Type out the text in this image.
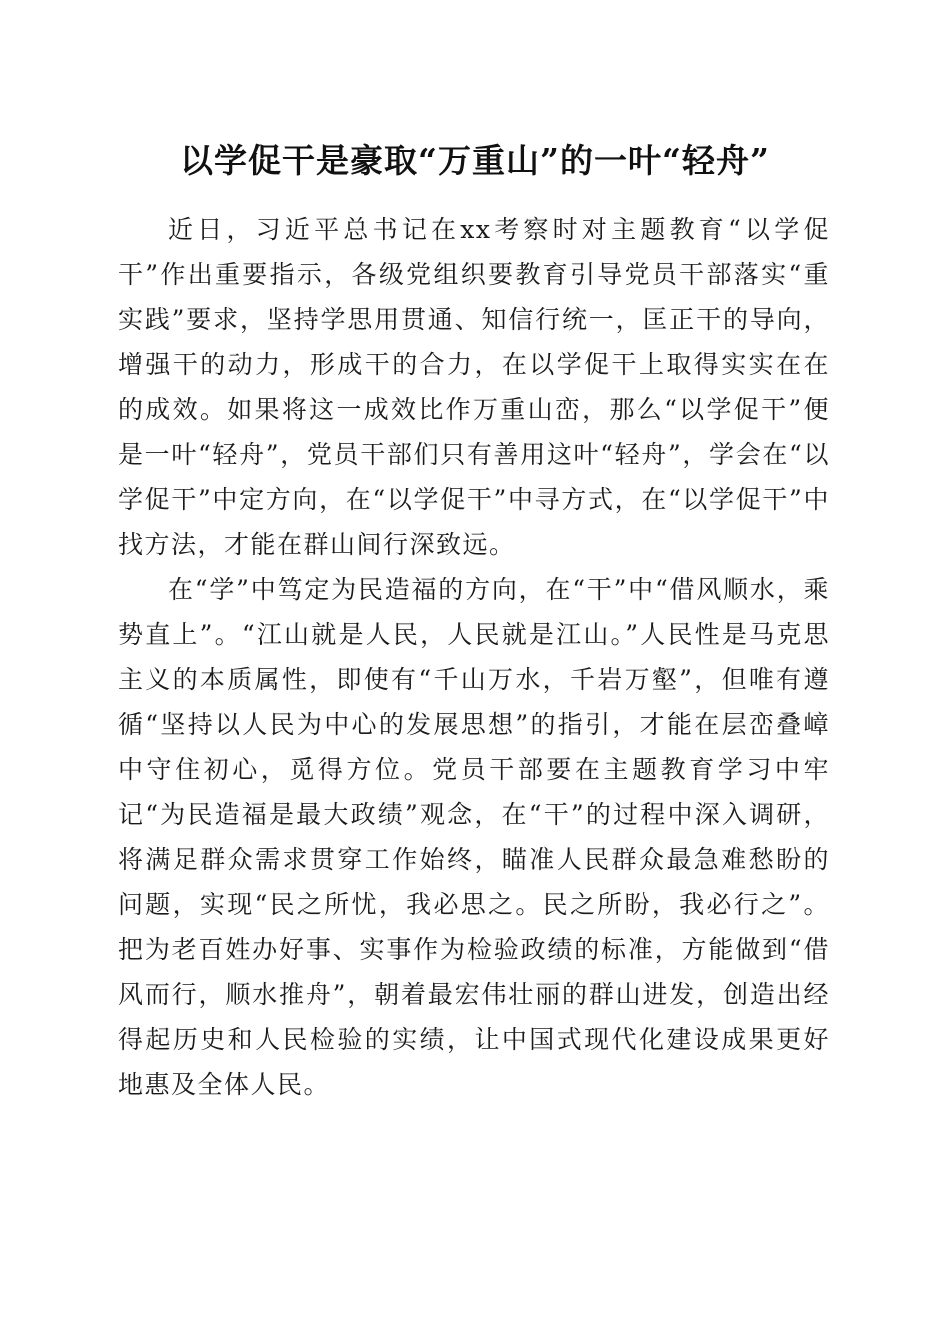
以学促干是豪取“万重山”的一叶“轻舟”

近日，习近平总书记在xx考察时对主题教育“以学促干”作出重要指示，各级党组织要教育引导党员干部落实“重实践”要求，坚持学思用贯通、知信行统一，匡正干的导向，增强干的动力，形成干的合力，在以学促干上取得实实在在的成效。如果将这一成效比作万重山峦，那么“以学促干”便是一叶“轻舟”，党员干部们只有善用这叶“轻舟”，学会在“以学促干”中定方向，在“以学促干”中寻方式，在“以学促干”中找方法，才能在群山间行深致远。

在“学”中笃定为民造福的方向，在“干”中“借风顺水，乘势直上”。“江山就是人民，人民就是江山。”人民性是马克思主义的本质属性，即使有“千山万水，千岩万壑”，但唯有遵循“坚持以人民为中心的发展思想”的指引，才能在层峦叠嶂中守住初心，觅得方位。党员干部要在主题教育学习中牢记“为民造福是最大政绩”观念，在“干”的过程中深入调研，将满足群众需求贯穿工作始终，瞄准人民群众最急难愁盼的问题，实现“民之所忧，我必思之。民之所盼，我必行之”。把为老百姓办好事、实事作为检验政绩的标准，方能做到“借风而行，顺水推舟”，朝着最宏伟壮丽的群山进发，创造出经得起历史和人民检验的实绩，让中国式现代化建设成果更好地惠及全体人民。
